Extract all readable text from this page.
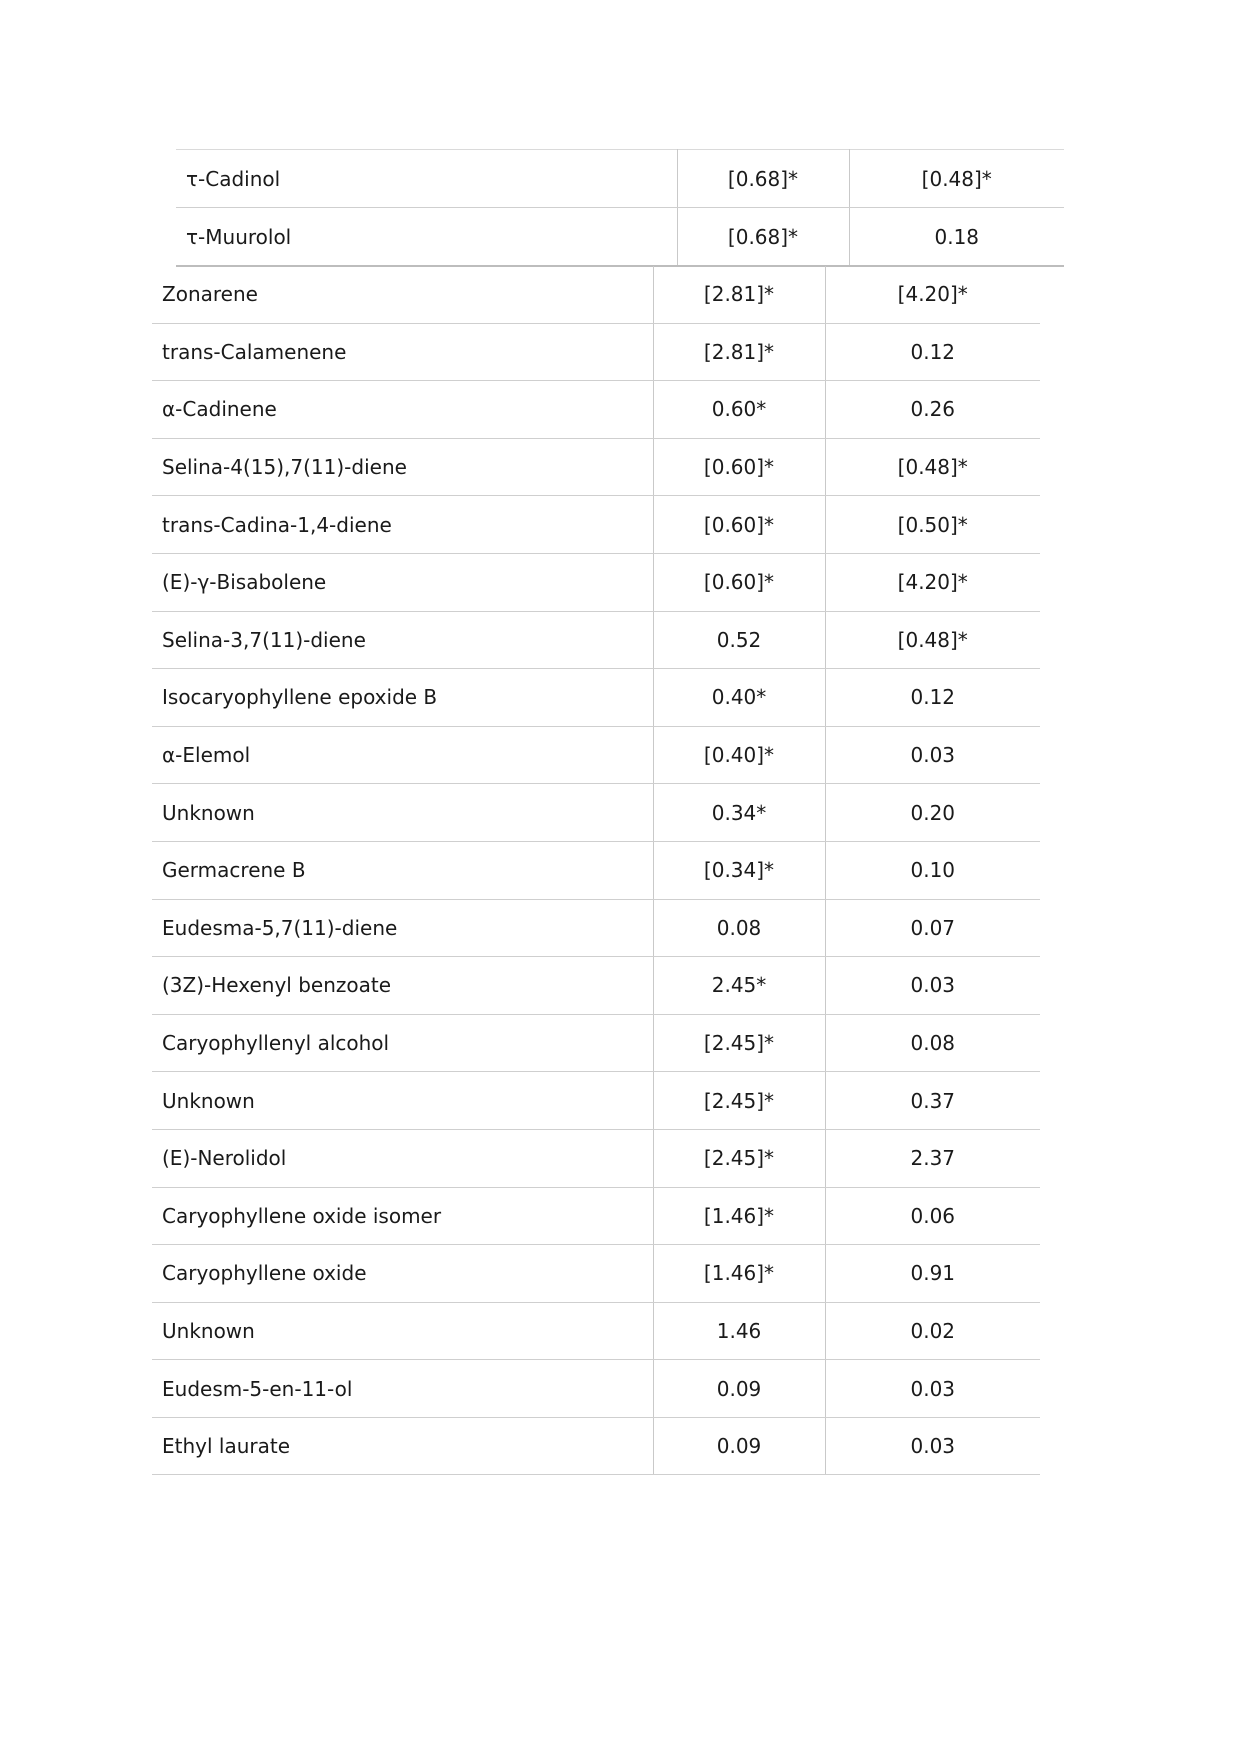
τ-Cadinol	[0.68]*	[0.48]*
τ-Muurolol	[0.68]*	0.18
Zonarene	[2.81]*	[4.20]*
trans-Calamenene	[2.81]*	0.12
α-Cadinene	0.60*	0.26
Selina-4(15),7(11)-diene	[0.60]*	[0.48]*
trans-Cadina-1,4-diene	[0.60]*	[0.50]*
(E)-γ-Bisabolene	[0.60]*	[4.20]*
Selina-3,7(11)-diene	0.52	[0.48]*
Isocaryophyllene epoxide B	0.40*	0.12
α-Elemol	[0.40]*	0.03
Unknown	0.34*	0.20
Germacrene B	[0.34]*	0.10
Eudesma-5,7(11)-diene	0.08	0.07
(3Z)-Hexenyl benzoate	2.45*	0.03
Caryophyllenyl alcohol	[2.45]*	0.08
Unknown	[2.45]*	0.37
(E)-Nerolidol	[2.45]*	2.37
Caryophyllene oxide isomer	[1.46]*	0.06
Caryophyllene oxide	[1.46]*	0.91
Unknown	1.46	0.02
Eudesm-5-en-11-ol	0.09	0.03
Ethyl laurate	0.09	0.03
